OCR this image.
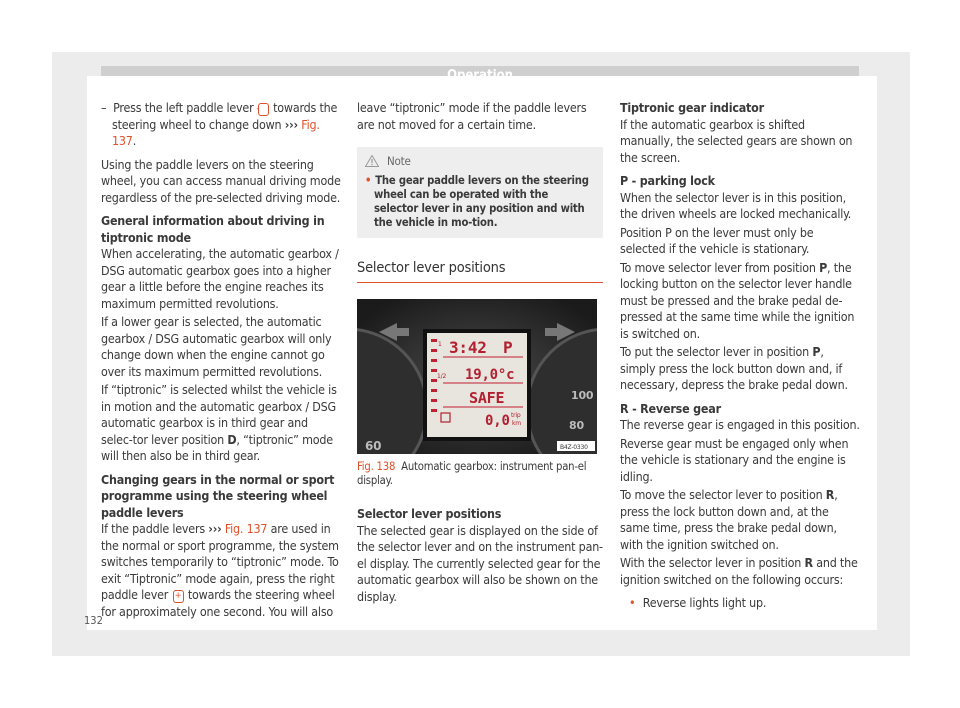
–  Press the left paddle lever - towards the steering wheel to change down ››› Fig. 137.

Using the paddle levers on the steering wheel, you can access manual driving mode regardless of the pre-selected driving mode.

General information about driving in tiptronic mode

When accelerating, the automatic gearbox / DSG automatic gearbox goes into a higher gear a little before the engine reaches its maximum permitted revolutions.

If a lower gear is selected, the automatic gearbox / DSG automatic gearbox will only change down when the engine cannot go over its maximum permitted revolutions.

If “tiptronic” is selected whilst the vehicle is in motion and the automatic gearbox / DSG automatic gearbox is in third gear and selec-tor lever position D, “tiptronic” mode will then also be in third gear.

Changing gears in the normal or sport programme using the steering wheel paddle levers

If the paddle levers ››› Fig. 137 are used in the normal or sport programme, the system switches temporarily to “tiptronic” mode. To exit “Tiptronic” mode again, press the right paddle lever + towards the steering wheel for approximately one second. You will also

leave “tiptronic” mode if the paddle levers are not moved for a certain time.

Note
• The gear paddle levers on the steering wheel can be operated with the selector lever in any position and with the vehicle in mo-tion.
Selector lever positions
1
1/2
3:42 P
19,0°c
SAFE
0,0 trip
km
60
100
80
B4Z-0330
Fig. 138 Automatic gearbox: instrument pan-el display.

Selector lever positions

The selected gear is displayed on the side of the selector lever and on the instrument pan-el display. The currently selected gear for the automatic gearbox will also be shown on the display.

Tiptronic gear indicator

If the automatic gearbox is shifted manually, the selected gears are shown on the screen.

P - parking lock

When the selector lever is in this position, the driven wheels are locked mechanically.

Position P on the lever must only be selected if the vehicle is stationary.

To move selector lever from position P, the locking button on the selector lever handle must be pressed and the brake pedal de-pressed at the same time while the ignition is switched on.

To put the selector lever in position P, simply press the lock button down and, if necessary, depress the brake pedal down.

R - Reverse gear

The reverse gear is engaged in this position.

Reverse gear must be engaged only when the vehicle is stationary and the engine is idling.

To move the selector lever to position R, press the lock button down and, at the same time, press the brake pedal down, with the ignition switched on.

With the selector lever in position R and the ignition switched on the following occurs:

• Reverse lights light up.

132
